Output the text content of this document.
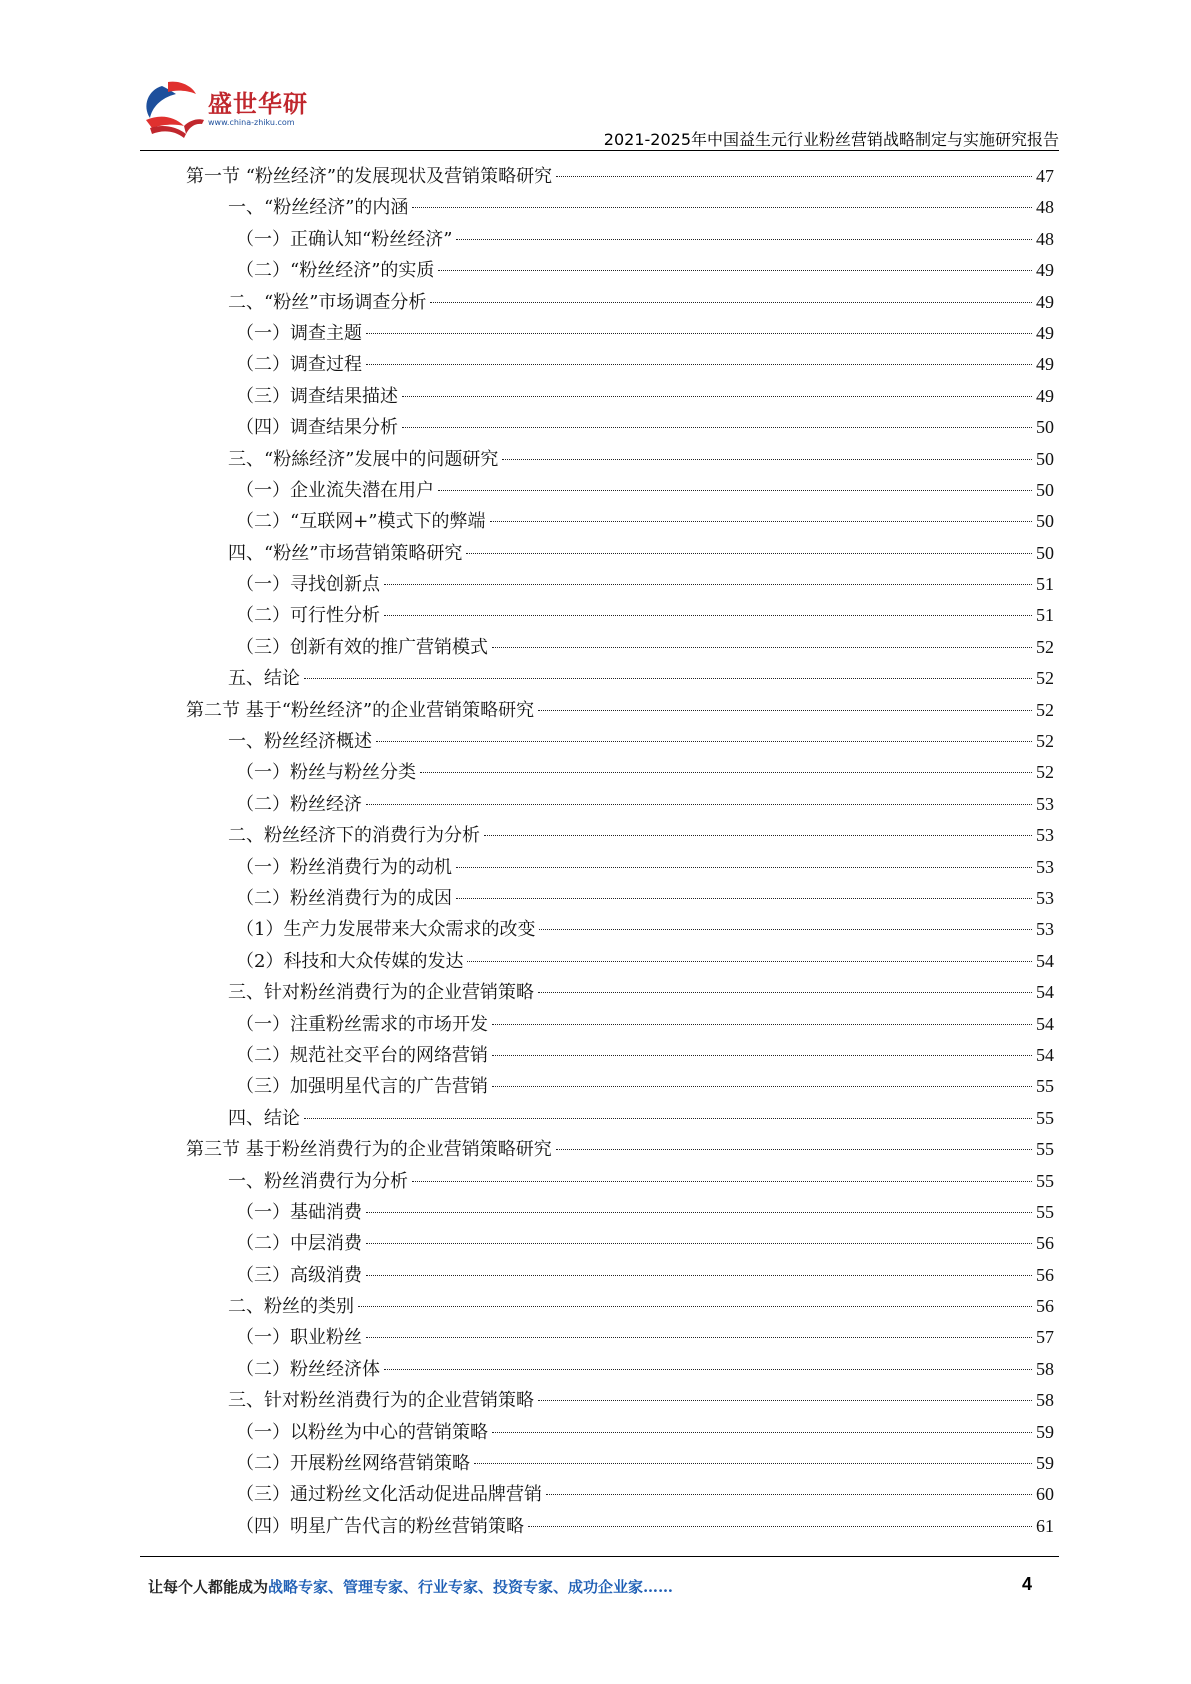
盛世华研
www.china-zhiku.com
2021-2025年中国益生元行业粉丝营销战略制定与实施研究报告
第一节 “粉丝经济”的发展现状及营销策略研究	47
一、“粉丝经济”的内涵	48
（一）正确认知“粉丝经济”	48
（二）“粉丝经济”的实质	49
二、“粉丝”市场调查分析	49
（一）调查主题	49
（二）调查过程	49
（三）调查结果描述	49
（四）调查结果分析	50
三、“粉絲经济”发展中的问题研究	50
（一）企业流失潜在用户	50
（二）“互联网+”模式下的弊端	50
四、“粉丝”市场营销策略研究	50
（一）寻找创新点	51
（二）可行性分析	51
（三）创新有效的推广营销模式	52
五、结论	52
第二节 基于“粉丝经济”的企业营销策略研究	52
一、粉丝经济概述	52
（一）粉丝与粉丝分类	52
（二）粉丝经济	53
二、粉丝经济下的消费行为分析	53
（一）粉丝消费行为的动机	53
（二）粉丝消费行为的成因	53
（1）生产力发展带来大众需求的改变	53
（2）科技和大众传媒的发达	54
三、针对粉丝消费行为的企业营销策略	54
（一）注重粉丝需求的市场开发	54
（二）规范社交平台的网络营销	54
（三）加强明星代言的广告营销	55
四、结论	55
第三节 基于粉丝消费行为的企业营销策略研究	55
一、粉丝消费行为分析	55
（一）基础消费	55
（二）中层消费	56
（三）高级消费	56
二、粉丝的类别	56
（一）职业粉丝	57
（二）粉丝经济体	58
三、针对粉丝消费行为的企业营销策略	58
（一）以粉丝为中心的营销策略	59
（二）开展粉丝网络营销策略	59
（三）通过粉丝文化活动促进品牌营销	60
（四）明星广告代言的粉丝营销策略	61
让每个人都能成为战略专家、管理专家、行业专家、投资专家、成功企业家……	4
